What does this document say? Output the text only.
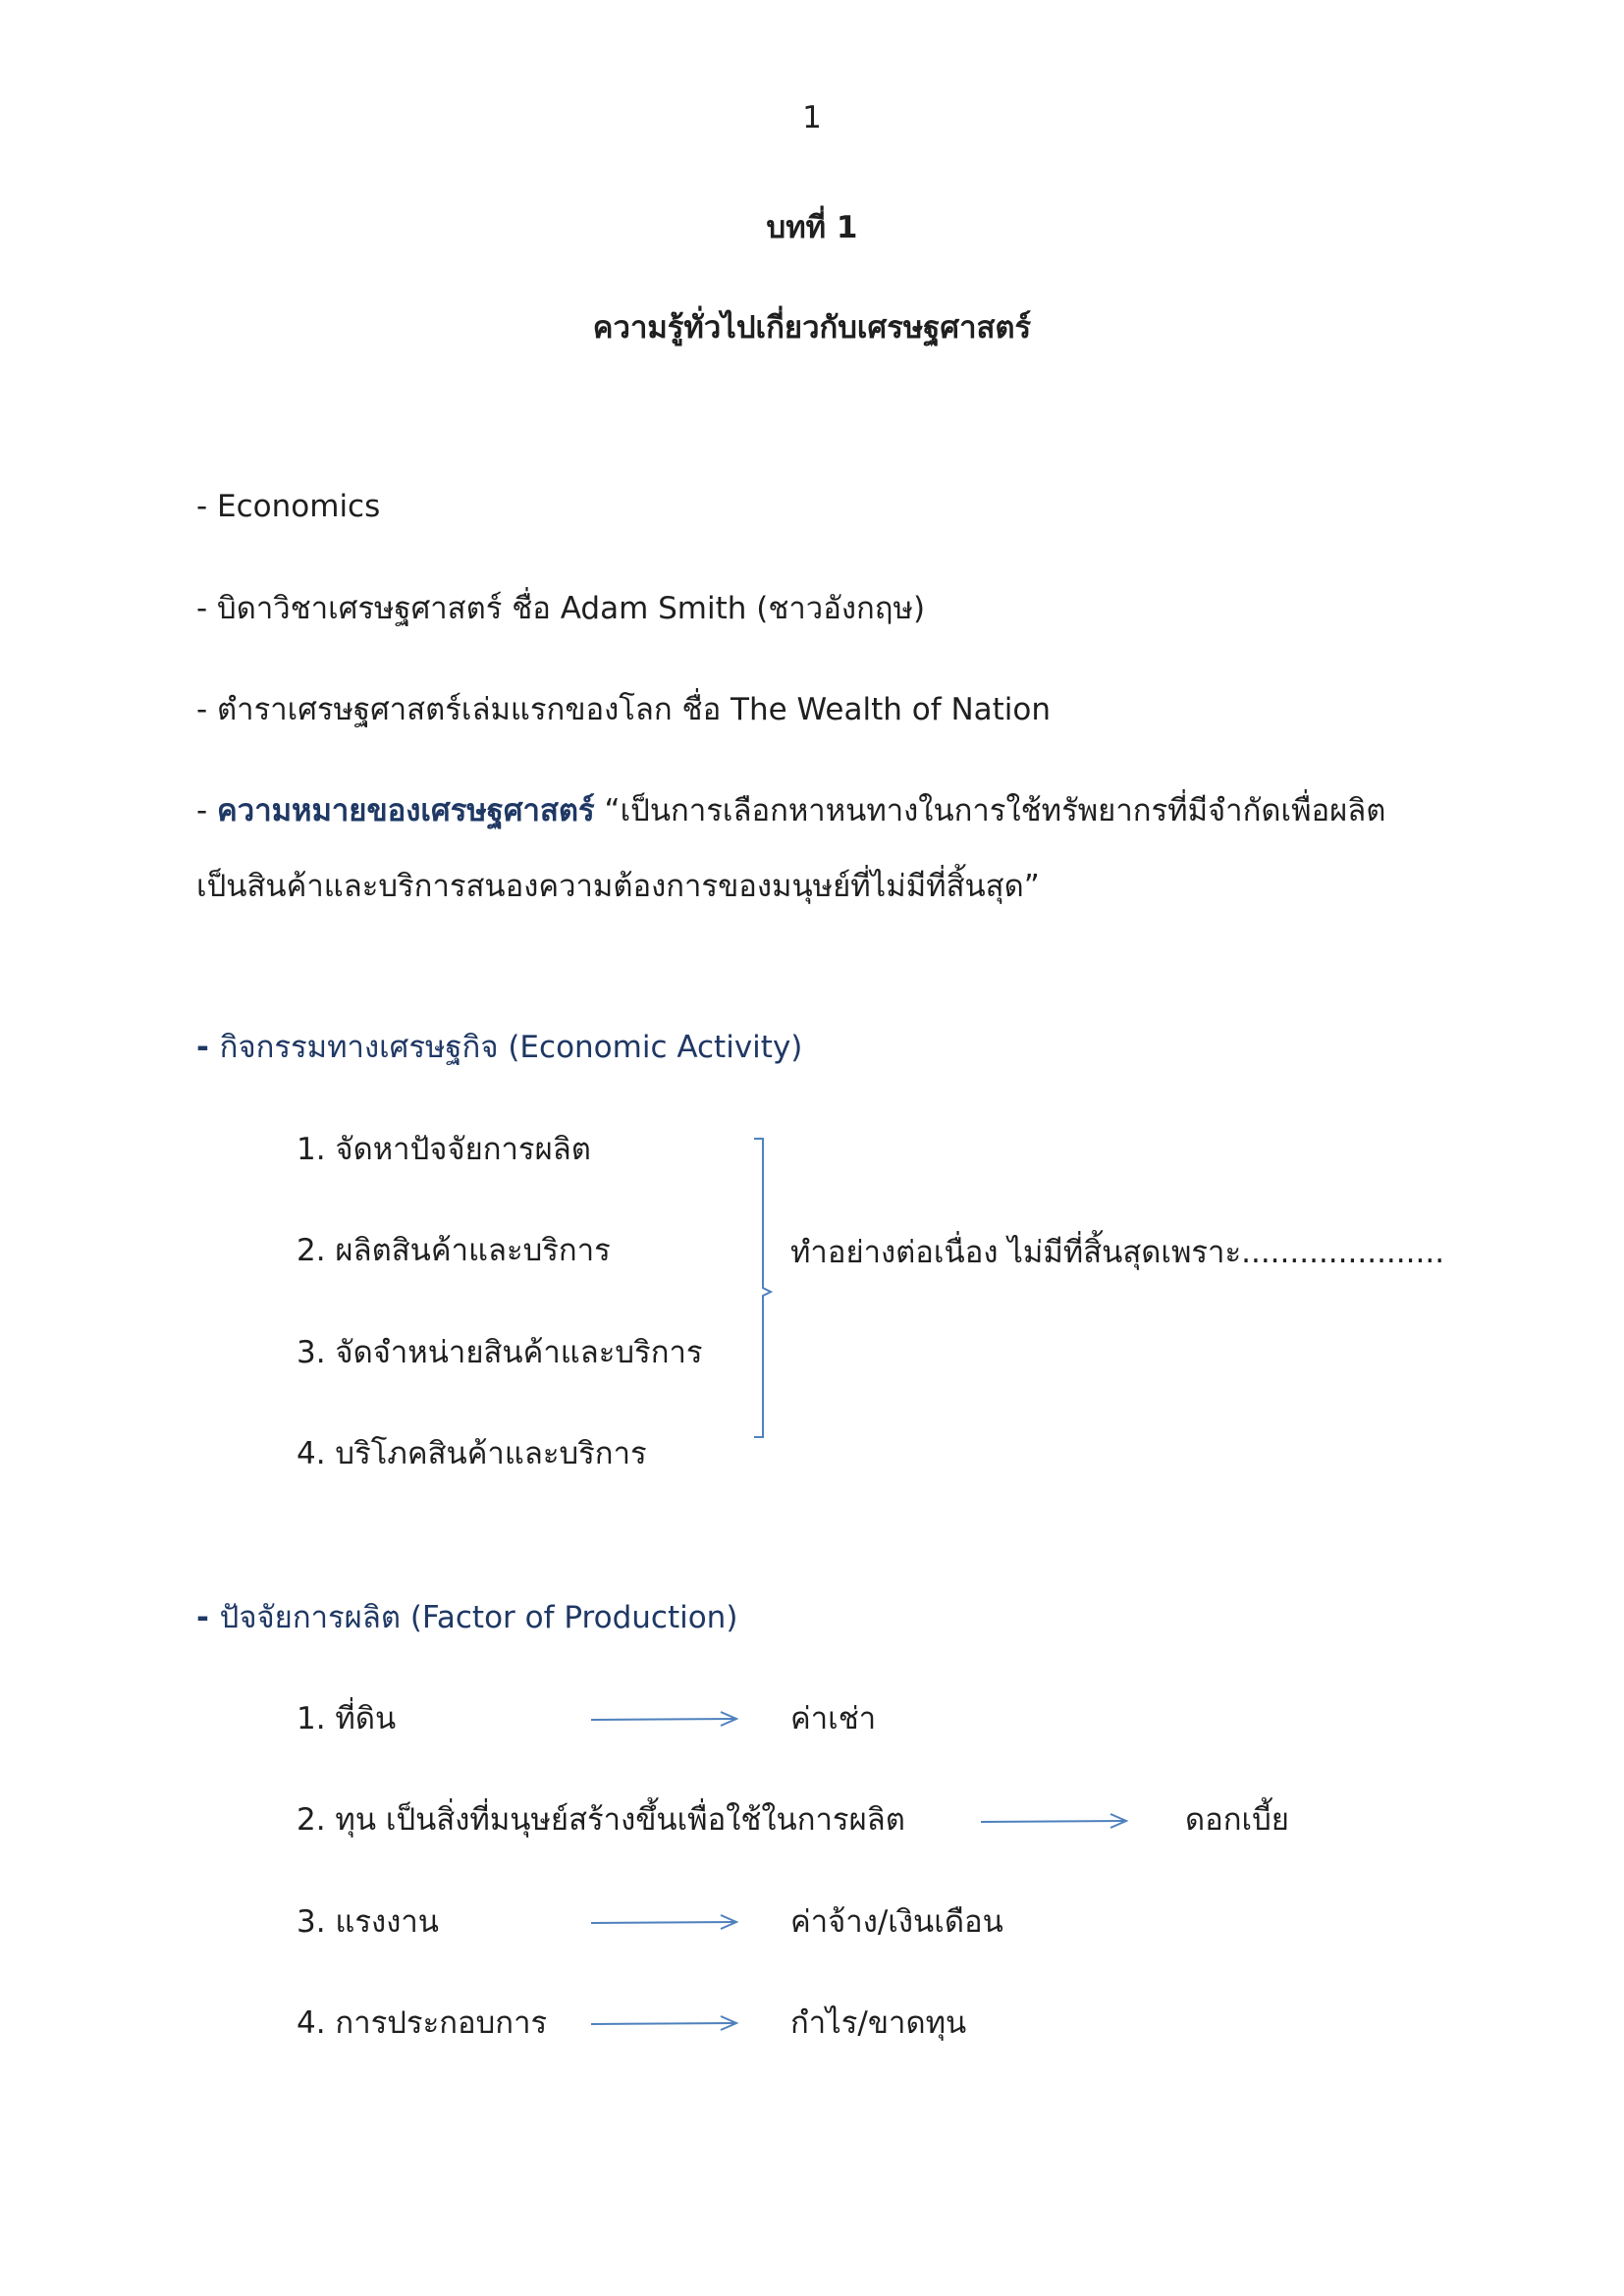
1
บทที่ 1
ความรู้ทั่วไปเกี่ยวกับเศรษฐศาสตร์
- Economics
- บิดาวิชาเศรษฐศาสตร์ ชื่อ Adam Smith (ชาวอังกฤษ)
- ตำราเศรษฐศาสตร์เล่มแรกของโลก ชื่อ The Wealth of Nation
- ความหมายของเศรษฐศาสตร์ “เป็นการเลือกหาหนทางในการใช้ทรัพยากรที่มีจำกัดเพื่อผลิต
เป็นสินค้าและบริการสนองความต้องการของมนุษย์ที่ไม่มีที่สิ้นสุด”
- กิจกรรมทางเศรษฐกิจ (Economic Activity)
1. จัดหาปัจจัยการผลิต
2. ผลิตสินค้าและบริการ
3. จัดจำหน่ายสินค้าและบริการ
4. บริโภคสินค้าและบริการ
ทำอย่างต่อเนื่อง ไม่มีที่สิ้นสุดเพราะ.....................
- ปัจจัยการผลิต (Factor of Production)
1. ที่ดิน	ค่าเช่า
2. ทุน เป็นสิ่งที่มนุษย์สร้างขึ้นเพื่อใช้ในการผลิต	ดอกเบี้ย
3. แรงงาน	ค่าจ้าง/เงินเดือน
4. การประกอบการ	กำไร/ขาดทุน
